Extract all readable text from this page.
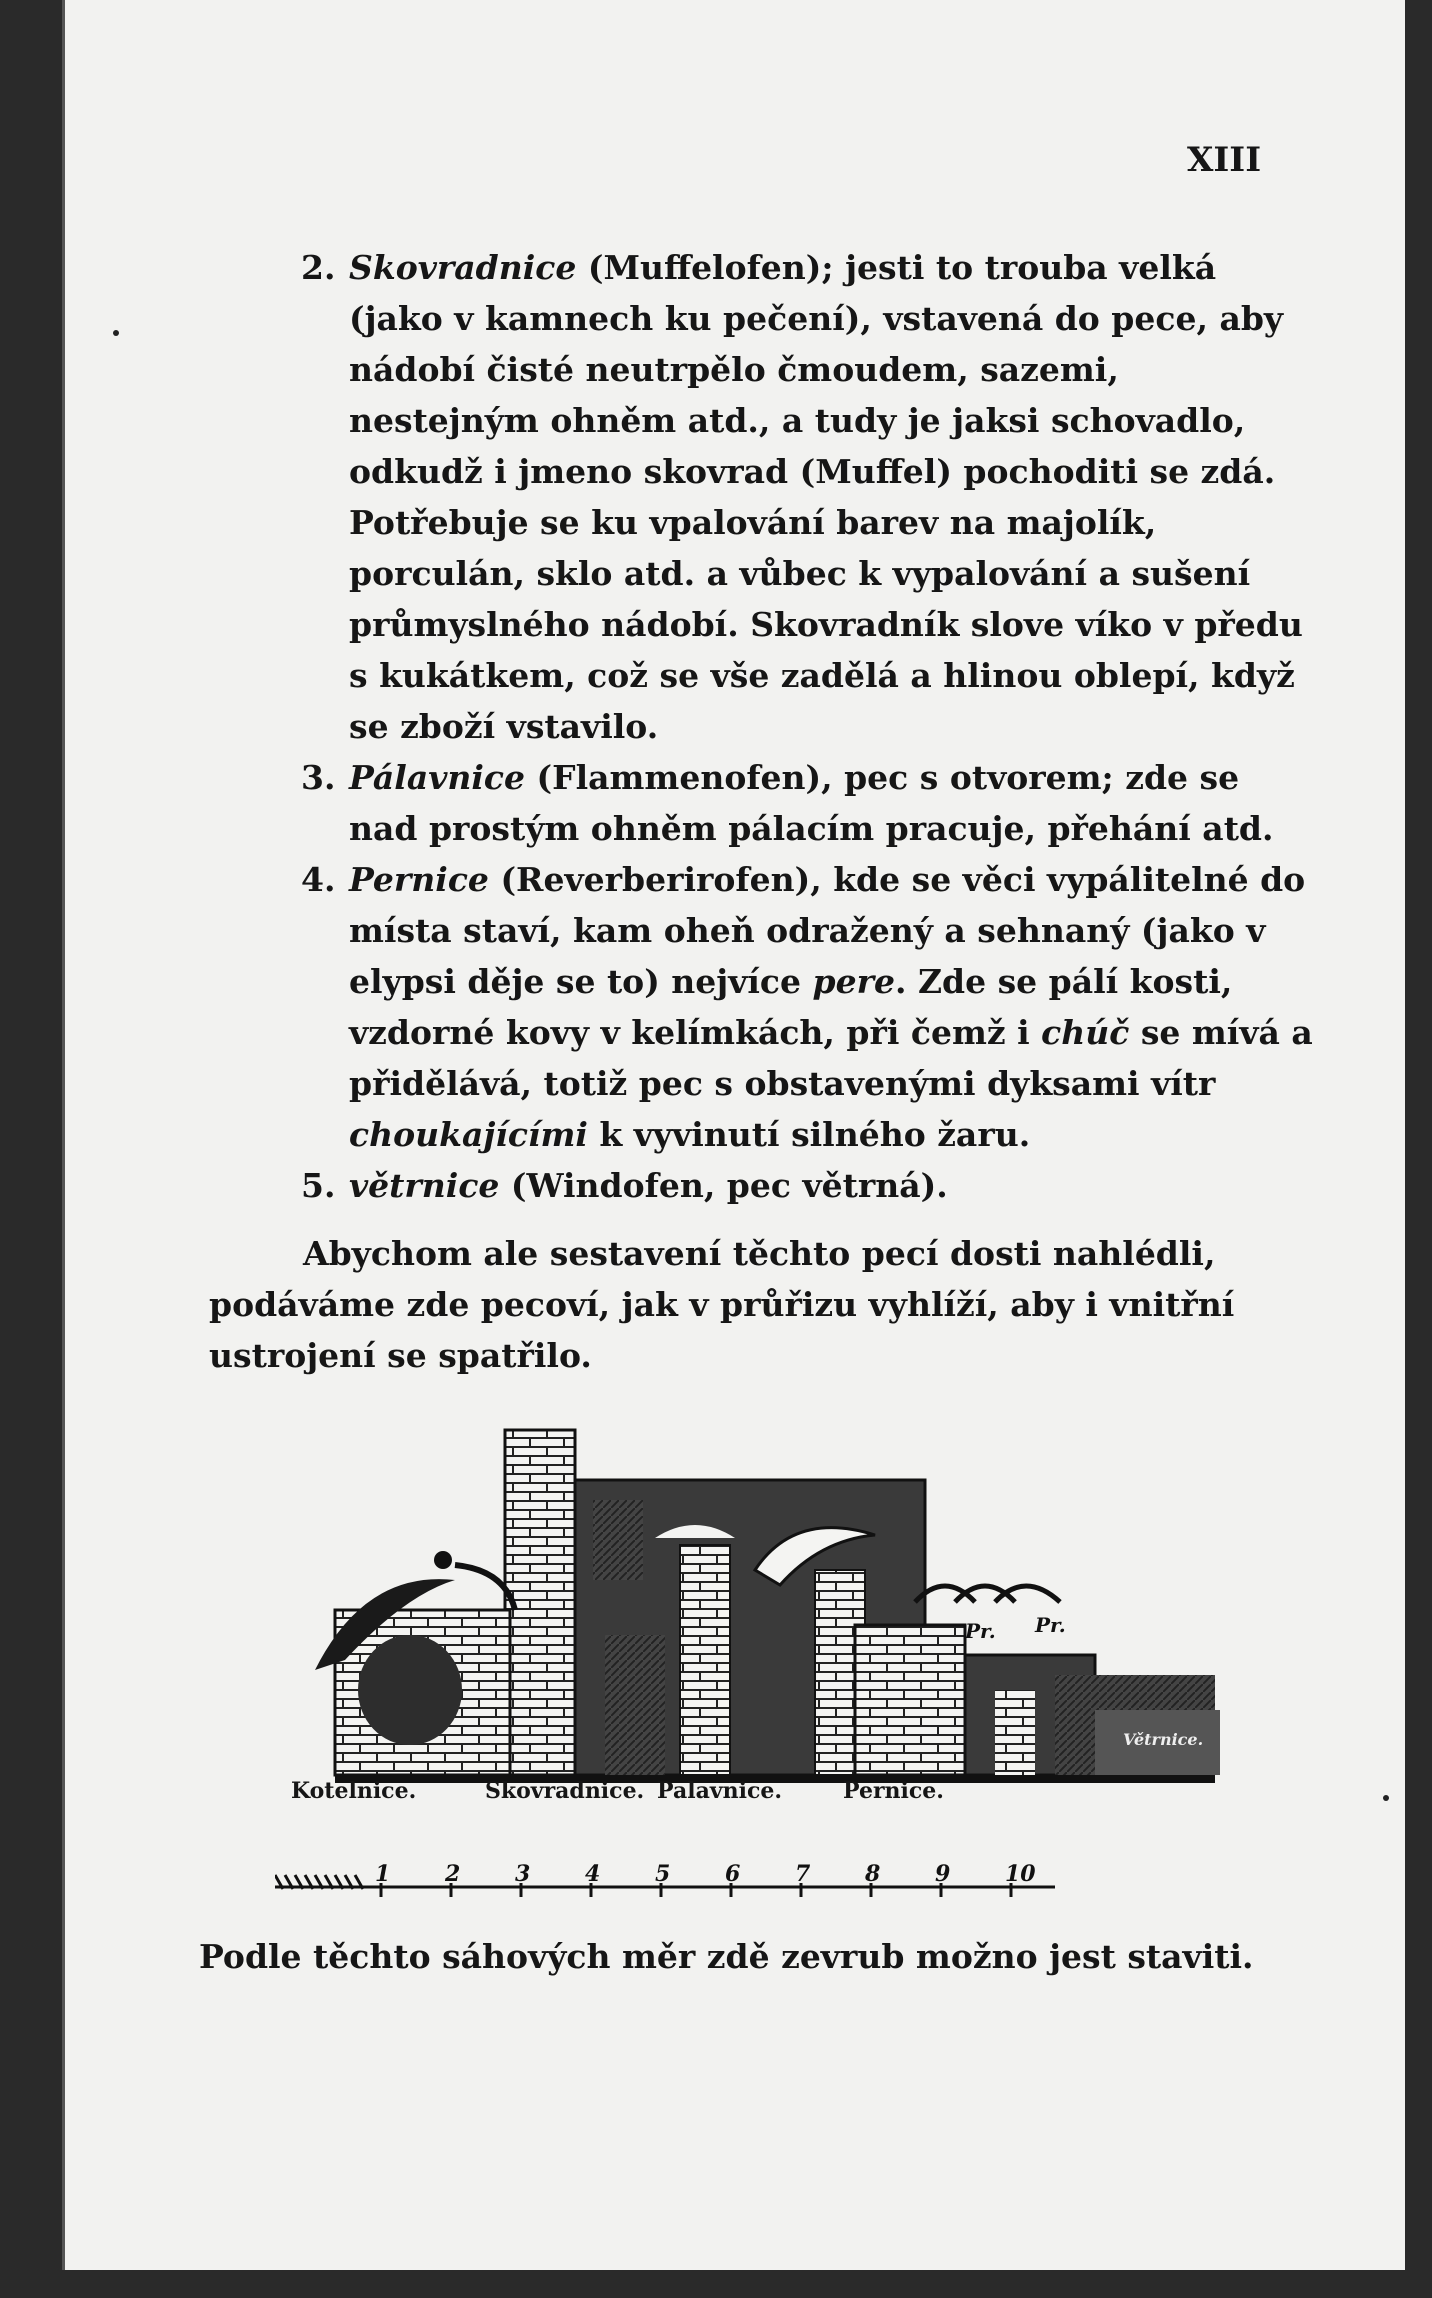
XIII
2. Skovradnice (Muffelofen); jesti to trouba velká (jako v kamnech ku pečení), vstavená do pece, aby nádobí čisté neutrpělo čmoudem, sazemi, nestejným ohněm atd., a tudy je jaksi schovadlo, odkudž i jmeno skovrad (Muffel) pochoditi se zdá. Potřebuje se ku vpalování barev na majolík, porculán, sklo atd. a vůbec k vypalování a sušení průmyslného nádobí. Skovradník slove víko v předu s kukátkem, což se vše zadělá a hlinou oblepí, když se zboží vstavilo.
3. Pálavnice (Flammenofen), pec s otvorem; zde se nad prostým ohněm pálacím pracuje, přehání atd.
4. Pernice (Reverberirofen), kde se věci vypálitelné do místa staví, kam oheň odražený a sehnaný (jako v elypsi děje se to) nejvíce pere. Zde se pálí kosti, vzdorné kovy v kelímkách, při čemž i chúč se mívá a přidělává, totiž pec s obstavenými dyksami vítr choukajícími k vyvinutí silného žaru.
5. větrnice (Windofen, pec větrná).
Abychom ale sestavení těchto pecí dosti nahlédli, podáváme zde pecoví, jak v průřizu vyhlíží, aby i vnitřní ustrojení se spatřilo.
Pr. Pr.
Větrnice.
Kotelnice.	Skovradnice. Palavnice.	Pernice.
1 2 3 4 5 6 7 8 9 10
Podle těchto sáhových měr zdě zevrub možno jest staviti.
